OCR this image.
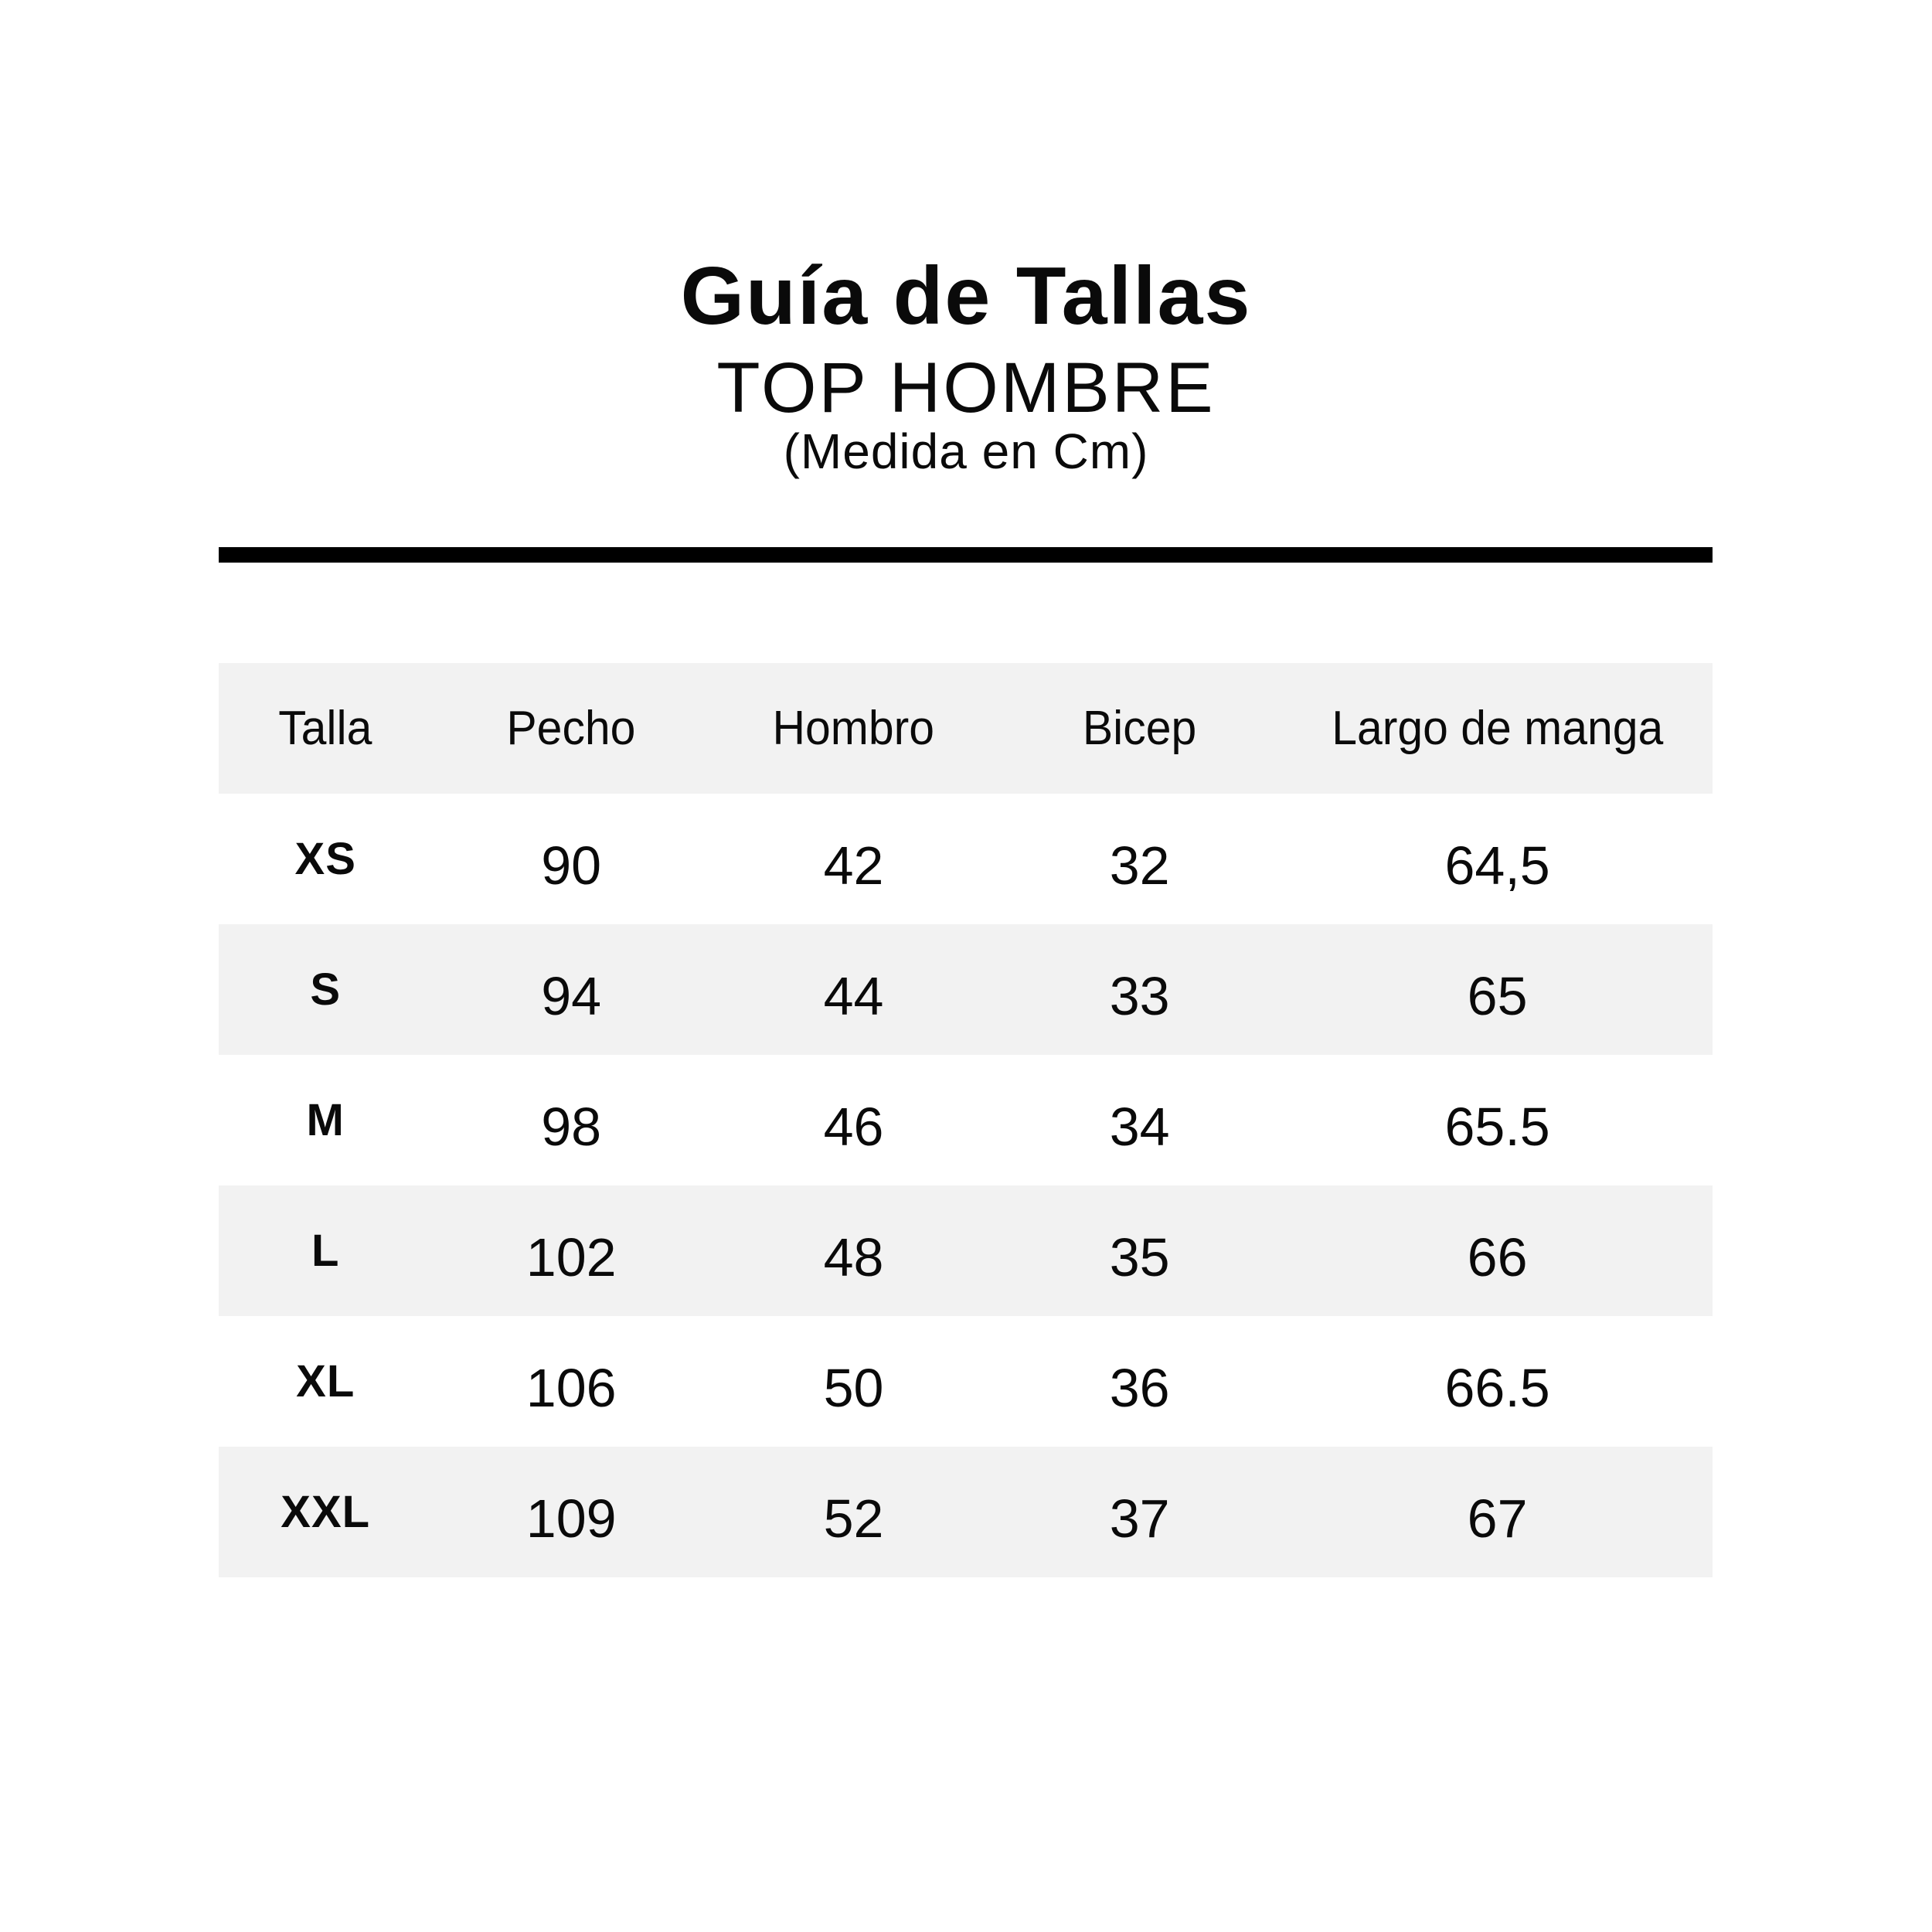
Guía de Tallas
TOP HOMBRE
(Medida en Cm)
Talla	Pecho	Hombro	Bicep	Largo de manga
XS	90	42	32	64,5
S	94	44	33	65
M	98	46	34	65.5
L	102	48	35	66
XL	106	50	36	66.5
XXL	109	52	37	67
